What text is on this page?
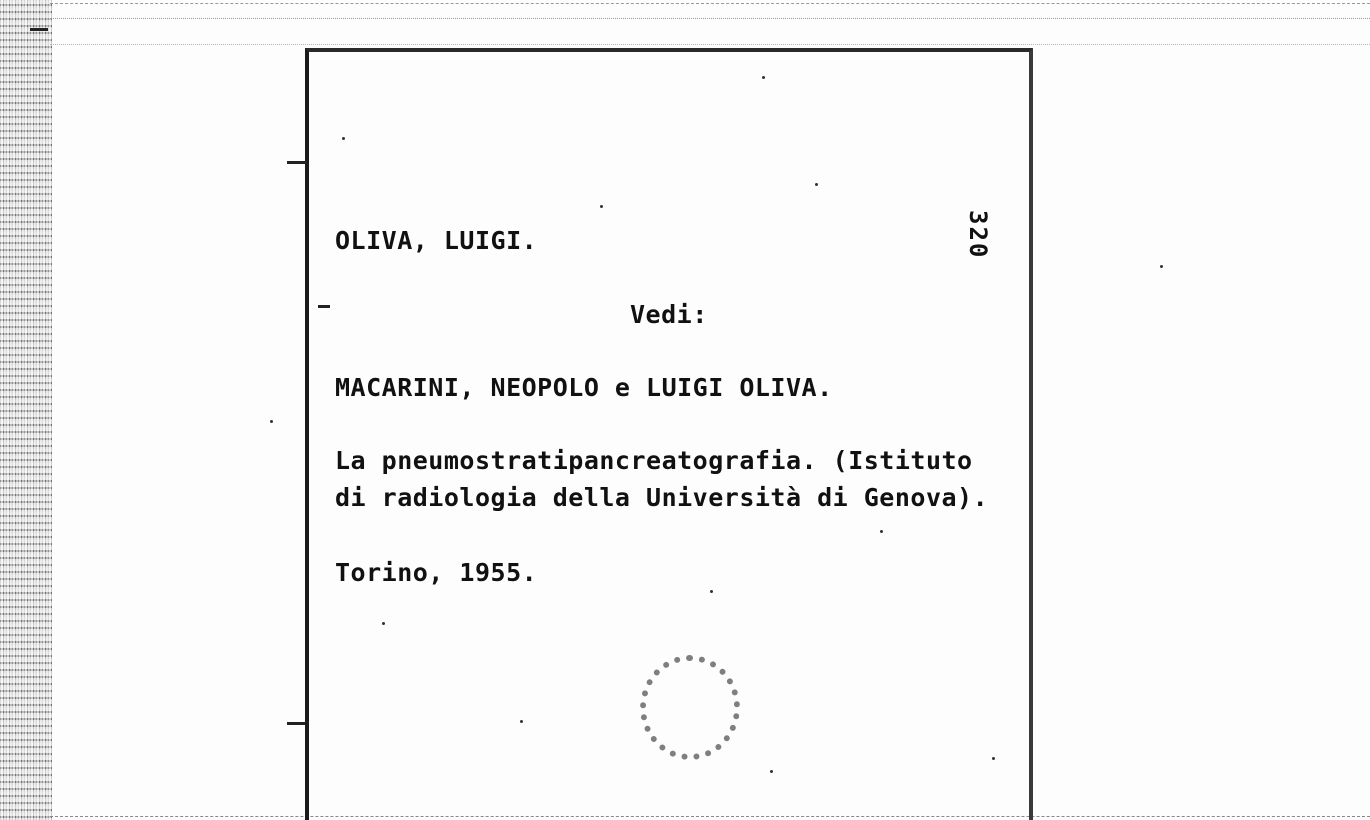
OLIVA, LUIGI.	320
Vedi:
MACARINI, NEOPOLO e LUIGI OLIVA.
La pneumostratipancreatografia. (Istituto
di radiologia della Università di Genova).
Torino, 1955.
